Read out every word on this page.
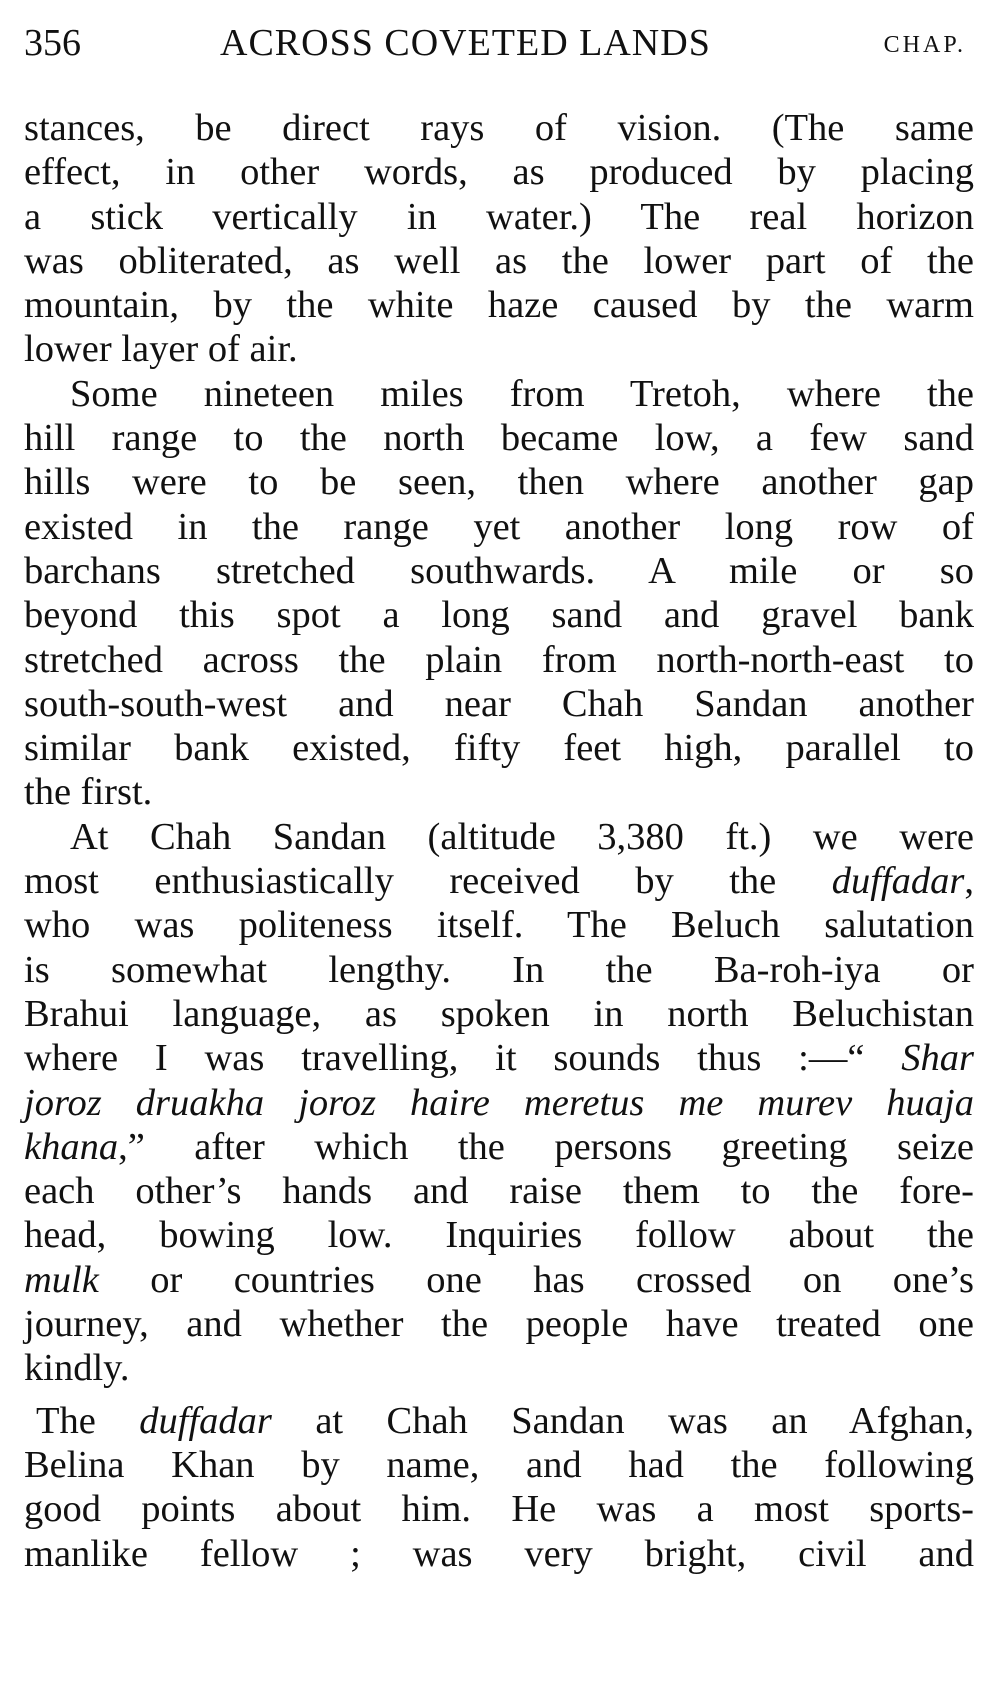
356	ACROSS COVETED LANDS	CHAP.
stances, be direct rays of vision. (The same
effect, in other words, as produced by placing
a stick vertically in water.) The real horizon
was obliterated, as well as the lower part of the
mountain, by the white haze caused by the warm
lower layer of air.
Some nineteen miles from Tretoh, where the
hill range to the north became low, a few sand
hills were to be seen, then where another gap
existed in the range yet another long row of
barchans stretched southwards. A mile or so
beyond this spot a long sand and gravel bank
stretched across the plain from north-north-east to
south-south-west and near Chah Sandan another
similar bank existed, fifty feet high, parallel to
the first.
At Chah Sandan (altitude 3,380 ft.) we were
most enthusiastically received by the duffadar,
who was politeness itself. The Beluch salutation
is somewhat lengthy. In the Ba-roh-iya or
Brahui language, as spoken in north Beluchistan
where I was travelling, it sounds thus :—“ Shar
joroz druakha joroz haire meretus me murev huaja
khana,” after which the persons greeting seize
each other’s hands and raise them to the fore-
head, bowing low. Inquiries follow about the
mulk or countries one has crossed on one’s
journey, and whether the people have treated one
kindly.
The duffadar at Chah Sandan was an Afghan,
Belina Khan by name, and had the following
good points about him. He was a most sports-
manlike fellow ; was very bright, civil and
